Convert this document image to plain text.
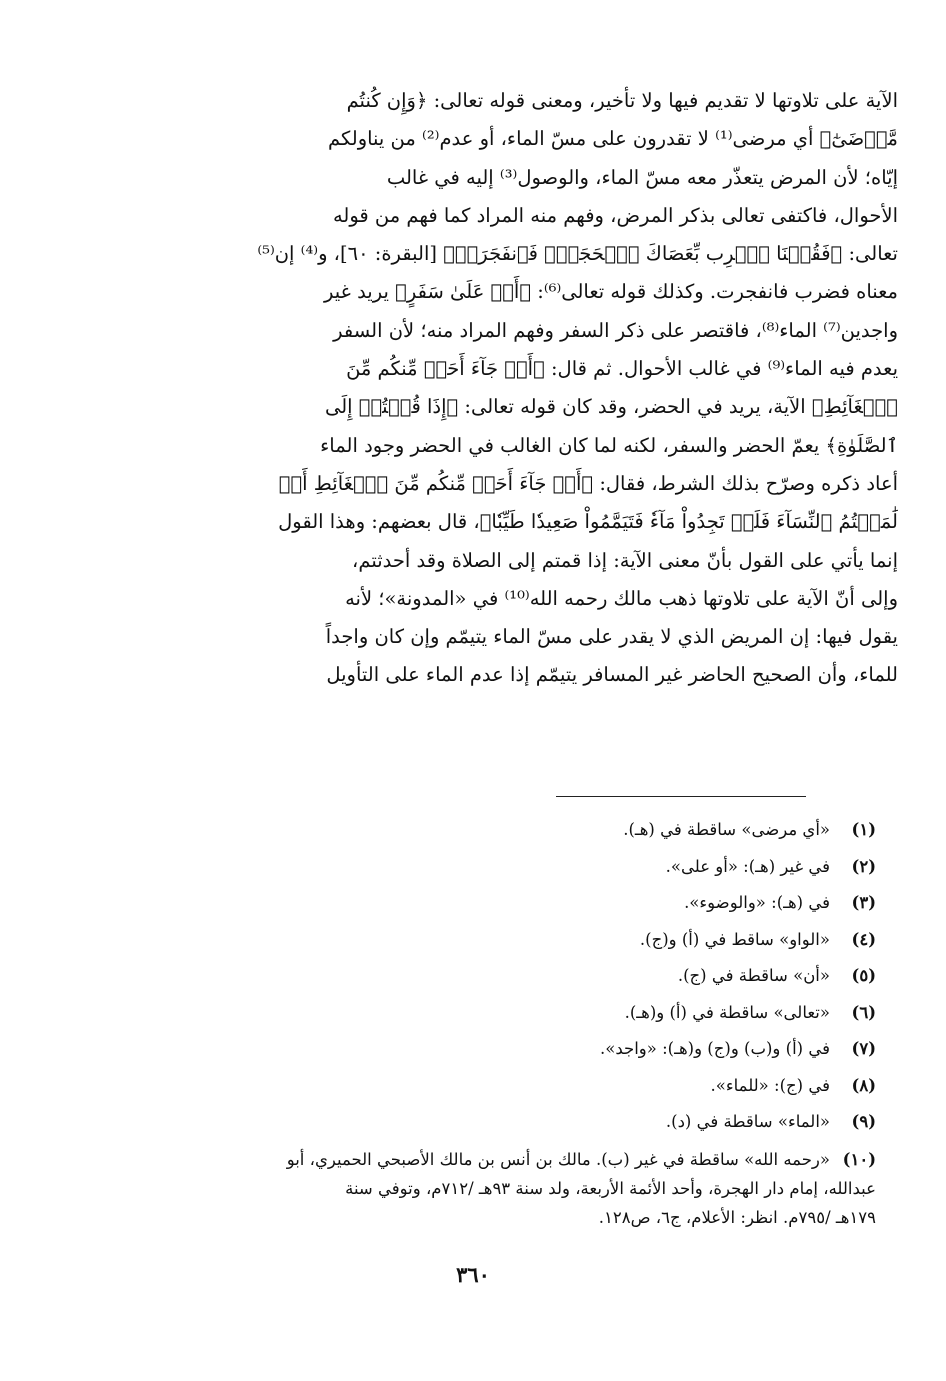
الآية على تلاوتها لا تقديم فيها ولا تأخير، ومعنى قوله تعالى: ﴿وَإِن كُنتُم
مَّرۡضَىٰٓ﴾ أي مرضى⁽¹⁾ لا تقدرون على مسّ الماء، أو عدم⁽²⁾ من يناولكم
إيّاه؛ لأن المرض يتعذّر معه مسّ الماء، والوصول⁽³⁾ إليه في غالب
الأحوال، فاكتفى تعالى بذكر المرض، وفهم منه المراد كما فهم من قوله
تعالى: ﴿فَقُلۡنَا ٱضۡرِب بِّعَصَاكَ ٱلۡحَجَرَۖ فَٱنفَجَرَتۡ﴾ [البقرة: ٦٠]، و⁽⁴⁾ إن⁽⁵⁾
معناه فضرب فانفجرت. وكذلك قوله تعالى⁽⁶⁾: ﴿أَوۡ عَلَىٰ سَفَرٍ﴾ يريد غير
واجدين⁽⁷⁾ الماء⁽⁸⁾، فاقتصر على ذكر السفر وفهم المراد منه؛ لأن السفر
يعدم فيه الماء⁽⁹⁾ في غالب الأحوال. ثم قال: ﴿أَوۡ جَآءَ أَحَدٞ مِّنكُم مِّنَ
ٱلۡغَآئِطِ﴾ الآية، يريد في الحضر، وقد كان قوله تعالى: ﴿إِذَا قُمۡتُمۡ إِلَى
ٱلصَّلَوٰةِ﴾ يعمّ الحضر والسفر، لكنه لما كان الغالب في الحضر وجود الماء
أعاد ذكره وصرّح بذلك الشرط، فقال: ﴿أَوۡ جَآءَ أَحَدٞ مِّنكُم مِّنَ ٱلۡغَآئِطِ أَوۡ
لَٰمَسۡتُمُ ٱلنِّسَآءَ فَلَمۡ تَجِدُواْ مَآءٗ فَتَيَمَّمُواْ صَعِيدٗا طَيِّبٗا﴾، قال بعضهم: وهذا القول
إنما يأتي على القول بأنّ معنى الآية: إذا قمتم إلى الصلاة وقد أحدثتم،
وإلى أنّ الآية على تلاوتها ذهب مالك رحمه الله⁽¹⁰⁾ في «المدونة»؛ لأنه
يقول فيها: إن المريض الذي لا يقدر على مسّ الماء يتيمّم وإن كان واجداً
للماء، وأن الصحيح الحاضر غير المسافر يتيمّم إذا عدم الماء على التأويل
(١)
«أي مرضى» ساقطة في (هـ).
(٢)
في غير (هـ): «أو على».
(٣)
في (هـ): «والوضوء».
(٤)
«الواو» ساقط في (أ) و(ج).
(٥)
«أن» ساقطة في (ج).
(٦)
«تعالى» ساقطة في (أ) و(هـ).
(٧)
في (أ) و(ب) و(ج) و(هـ): «واجد».
(٨)
في (ج): «للماء».
(٩)
«الماء» ساقطة في (د).
(١٠)
«رحمه الله» ساقطة في غير (ب). مالك بن أنس بن مالك الأصبحي الحميري، أبو
عبدالله، إمام دار الهجرة، وأحد الأئمة الأربعة، ولد سنة ٩٣هـ /٧١٢م، وتوفي سنة
١٧٩هـ /٧٩٥م. انظر: الأعلام، ج٦، ص١٢٨.
٣٦٠
